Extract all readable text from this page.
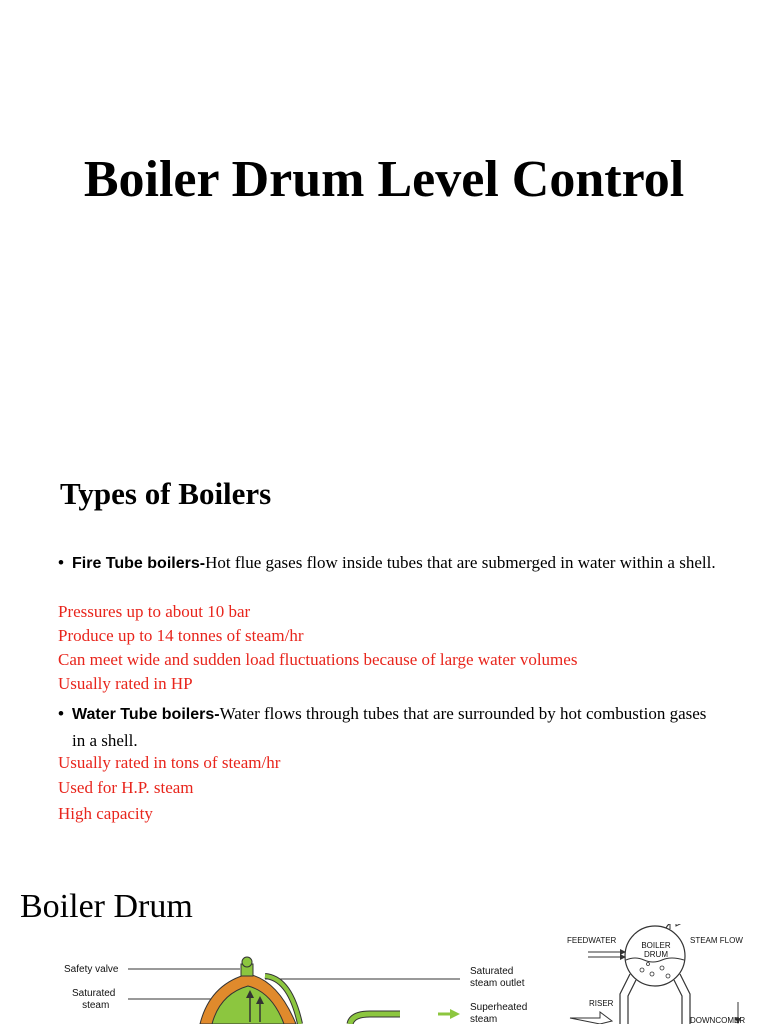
Boiler Drum Level Control
Types of Boilers
• Fire Tube boilers-Hot flue gases flow inside tubes that are submerged in water within a shell.
Pressures up to about 10 bar
Produce up to 14 tonnes of steam/hr
Can meet wide and sudden load fluctuations because of large water volumes
Usually rated in HP
• Water Tube boilers-Water flows through tubes that are surrounded by hot combustion gases in a shell.
Usually rated in tons of steam/hr
Used for H.P. steam
High capacity
Boiler Drum
Safety valve
Saturated
steam
Saturated
steam outlet
Superheated
steam
FEEDWATER	STEAM FLOW
BOILER
DRUM
RISER
DOWNCOMER
